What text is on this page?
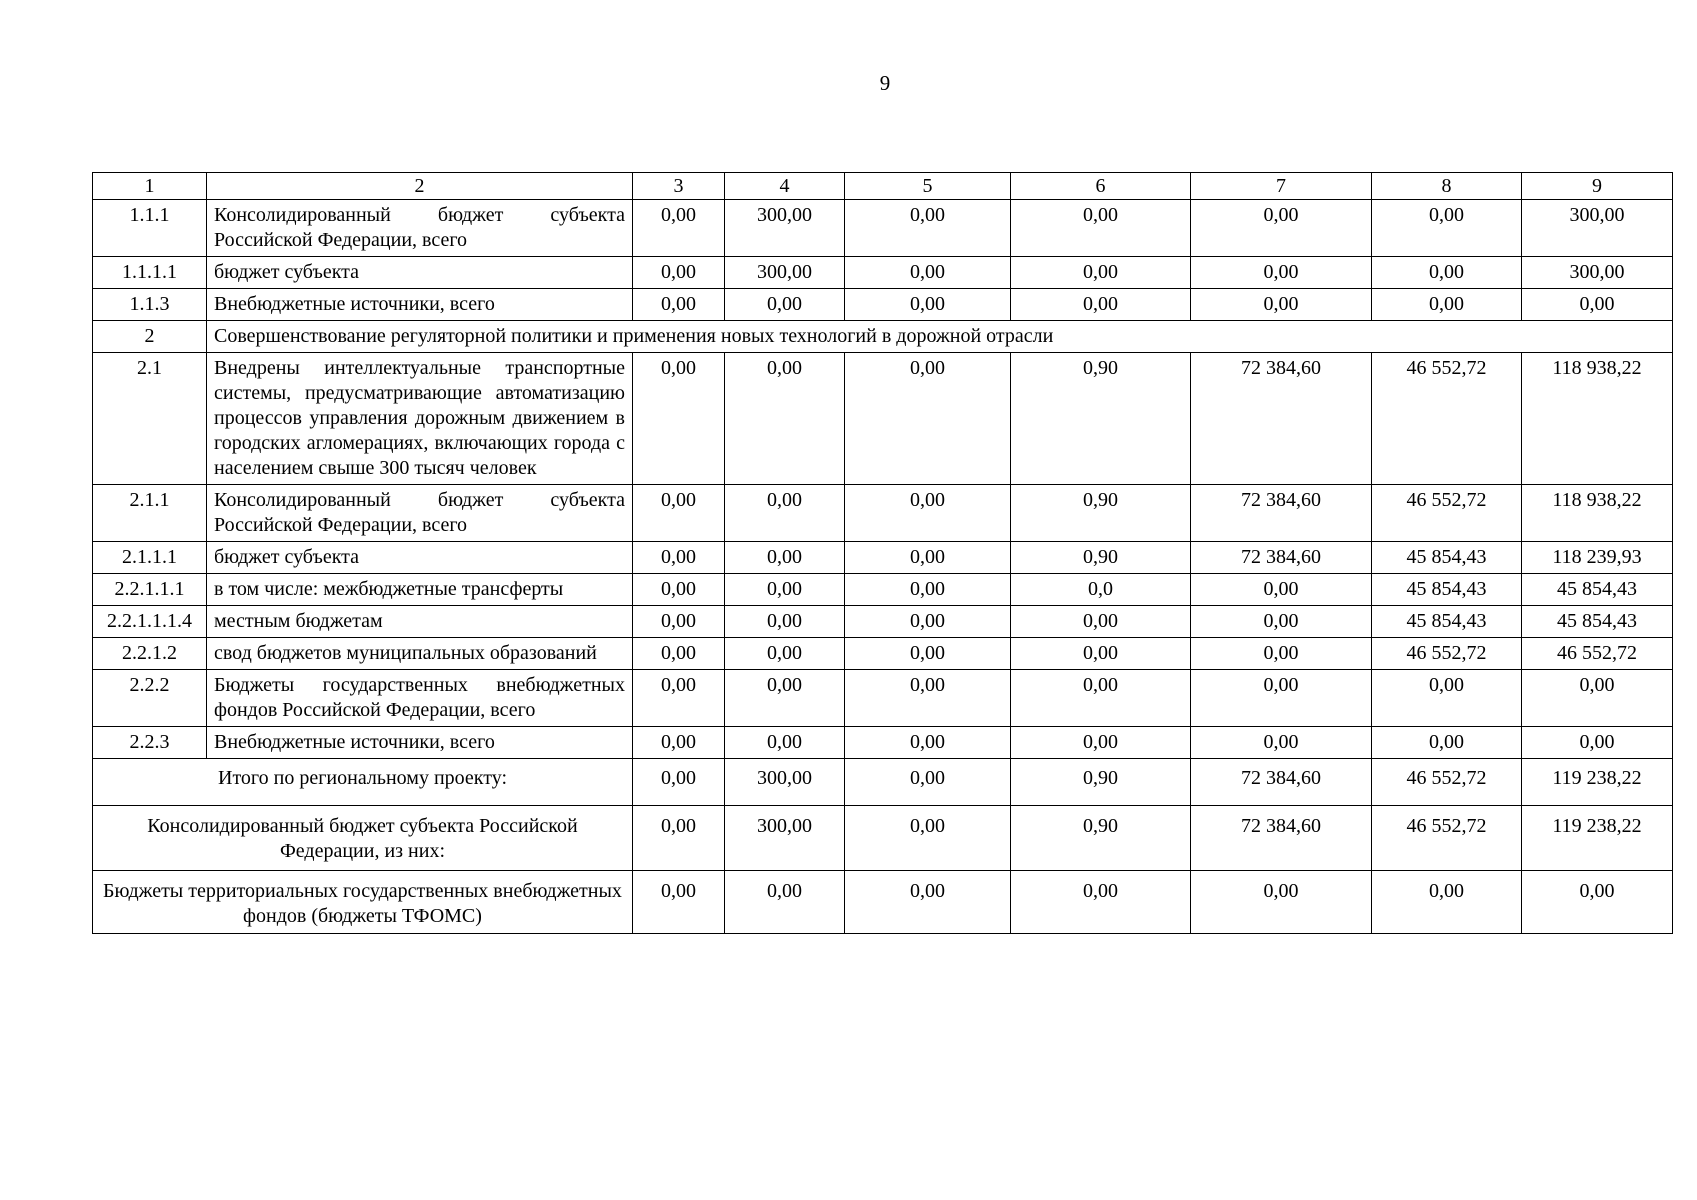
9
1	2	3	4	5	6	7	8	9
1.1.1	Консолидированный бюджет субъекта Российской Федерации, всего	0,00	300,00	0,00	0,00	0,00	0,00	300,00
1.1.1.1	бюджет субъекта	0,00	300,00	0,00	0,00	0,00	0,00	300,00
1.1.3	Внебюджетные источники, всего	0,00	0,00	0,00	0,00	0,00	0,00	0,00
2	Совершенствование регуляторной политики и применения новых технологий в дорожной отрасли							
2.1	Внедрены интеллектуальные транспортные системы, предусматривающие автоматизацию процессов управления дорожным движением в городских агломерациях, включающих города с населением свыше 300 тысяч человек	0,00	0,00	0,00	0,90	72 384,60	46 552,72	118 938,22
2.1.1	Консолидированный бюджет субъекта Российской Федерации, всего	0,00	0,00	0,00	0,90	72 384,60	46 552,72	118 938,22
2.1.1.1	бюджет субъекта	0,00	0,00	0,00	0,90	72 384,60	45 854,43	118 239,93
2.2.1.1.1	в том числе: межбюджетные трансферты	0,00	0,00	0,00	0,0	0,00	45 854,43	45 854,43
2.2.1.1.1.4	местным бюджетам	0,00	0,00	0,00	0,00	0,00	45 854,43	45 854,43
2.2.1.2	свод бюджетов муниципальных образований	0,00	0,00	0,00	0,00	0,00	46 552,72	46 552,72
2.2.2	Бюджеты государственных внебюджетных фондов Российской Федерации, всего	0,00	0,00	0,00	0,00	0,00	0,00	0,00
2.2.3	Внебюджетные источники, всего	0,00	0,00	0,00	0,00	0,00	0,00	0,00
Итого по региональному проекту:		0,00	300,00	0,00	0,90	72 384,60	46 552,72	119 238,22
Консолидированный бюджет субъекта Российской Федерации, из них:		0,00	300,00	0,00	0,90	72 384,60	46 552,72	119 238,22
Бюджеты территориальных государственных внебюджетных фондов (бюджеты ТФОМС)		0,00	0,00	0,00	0,00	0,00	0,00	0,00
